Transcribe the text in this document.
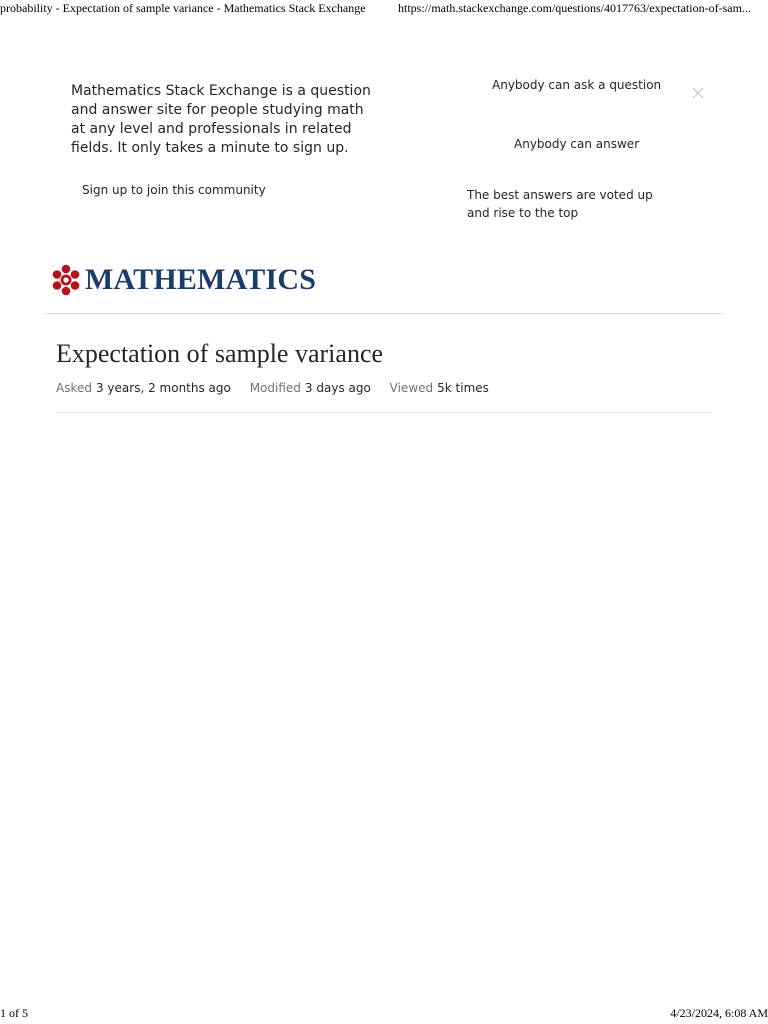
probability - Expectation of sample variance - Mathematics Stack Exchange	https://math.stackexchange.com/questions/4017763/expectation-of-sam...
Mathematics Stack Exchange is a question and answer site for people studying math at any level and professionals in related fields. It only takes a minute to sign up.
Sign up to join this community
Anybody can ask a question
Anybody can answer
The best answers are voted up and rise to the top
MATHEMATICS
Expectation of sample variance
Asked 3 years, 2 months ago Modified 3 days ago Viewed 5k times
1 of 5	4/23/2024, 6:08 AM
